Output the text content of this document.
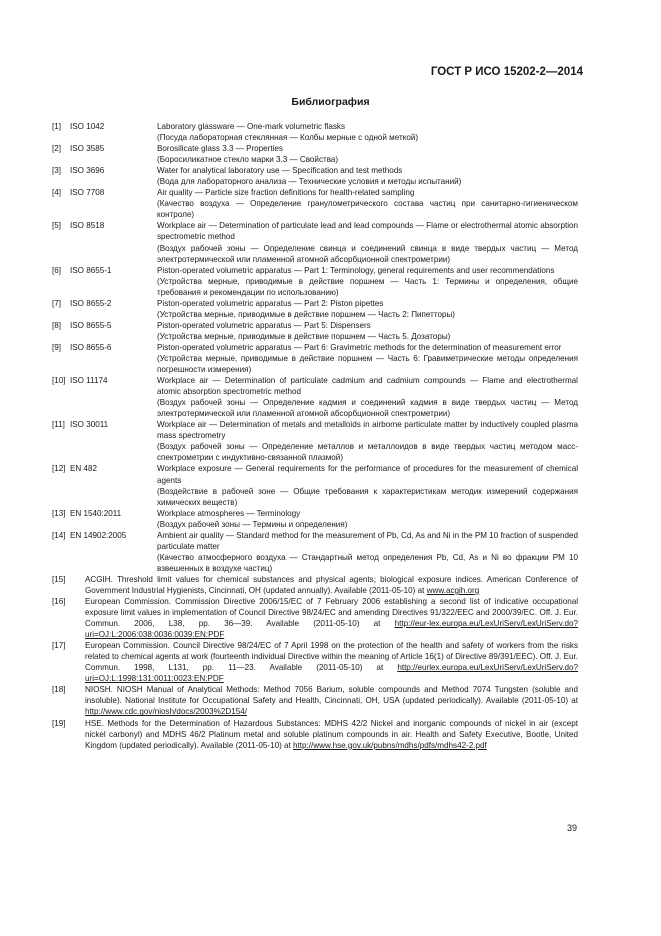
ГОСТ Р ИСО 15202-2—2014
Библиография
[1]	ISO 1042	Laboratory glassware — One-mark volumetric flasks
(Посуда лабораторная стеклянная — Колбы мерные с одной меткой)
[2]	ISO 3585	Borosilicate glass 3.3 — Properties
(Боросиликатное стекло марки 3.3 — Свойства)
[3]	ISO 3696	Water for analytical laboratory use — Specification and test methods
(Вода для лабораторного анализа — Технические условия и методы испытаний)
[4]	ISO 7708	Air quality — Particle size fraction definitions for health-related sampling
(Качество воздуха — Определение гранулометрического состава частиц при санитарно-гигиеническом контроле)
[5]	ISO 8518	Workplace air — Determination of particulate lead and lead compounds — Flame or electrothermal atomic absorption spectrometric method
(Воздух рабочей зоны — Определение свинца и соединений свинца в виде твердых частиц — Метод электротермической или пламенной атомной абсорбционной спектрометрии)
[6]	ISO 8655-1	Piston-operated volumetric apparatus — Part 1: Terminology, general requirements and user recommendations
(Устройства мерные, приводимые в действие поршнем — Часть 1: Термины и определения, общие требования и рекомендации по использованию)
[7]	ISO 8655-2	Piston-operated volumetric apparatus — Part 2: Piston pipettes
(Устройства мерные, приводимые в действие поршнем — Часть 2: Пипетторы)
[8]	ISO 8655-5	Piston-operated volumetric apparatus — Part 5: Dispensers
(Устройства мерные, приводимые в действие поршнем — Часть 5. Дозаторы)
[9]	ISO 8655-6	Piston-operated volumetric apparatus — Part 6: Gravimetric methods for the determination of measurement error
(Устройства мерные, приводимые в действие поршнем — Часть 6: Гравиметрические методы определения погрешности измерения)
[10] ISO 11174	Workplace air — Determination of particulate cadmium and cadmium compounds — Flame and electrothermal atomic absorption spectrometric method
(Воздух рабочей зоны — Определение кадмия и соединений кадмия в виде твердых частиц — Метод электротермической или пламенной атомной абсорбционной спектрометрии)
[11] ISO 30011	Workplace air — Determination of metals and metalloids in airborne particulate matter by inductively coupled plasma mass spectrometry
(Воздух рабочей зоны — Определение металлов и металлоидов в виде твердых частиц методом масс-спектрометрии с индуктивно-связанной плазмой)
[12] EN 482	Workplace exposure — General requirements for the performance of procedures for the measurement of chemical agents
(Воздействие в рабочей зоне — Общие требования к характеристикам методик измерений содержания химических веществ)
[13] EN 1540:2011	Workplace atmospheres — Terminology
(Воздух рабочей зоны — Термины и определения)
[14] EN 14902:2005	Ambient air quality — Standard method for the measurement of Pb, Cd, As and Ni in the PM 10 fraction of suspended particulate matter
(Качество атмосферного воздуха — Стандартный метод определения Pb, Cd, As и Ni во фракции PM 10 взвешенных в воздухе частиц)
[15]	ACGIH. Threshold limit values for chemical substances and physical agents; biological exposure indices. American Conference of Government Industrial Hygienists, Cincinnati, OH (updated annually). Available (2011-05-10) at www.acgih.org
[16]	European Commission. Commission Directive 2006/15/EC of 7 February 2006 establishing a second list of indicative occupational exposure limit values in implementation of Council Directive 98/24/EC and amending Directives 91/322/EEC and 2000/39/EC. Off. J. Eur. Commun. 2006, L38, pp. 36—39. Available (2011-05-10) at http://eur-lex.europa.eu/LexUriServ/LexUriServ.do?uri=OJ:L:2006:038:0036:0039:EN:PDF
[17]	European Commission. Council Directive 98/24/EC of 7 April 1998 on the protection of the health and safety of workers from the risks related to chemical agents at work (fourteenth individual Directive within the meaning of Article 16(1) of Directive 89/391/EEC). Off. J. Eur. Commun. 1998, L131, pp. 11—23. Available (2011-05-10) at http://eurlex.europa.eu/LexUriServ/LexUriServ.do?uri=OJ:L:1998:131:0011:0023:EN:PDF
[18]	NIOSH. NIOSH Manual of Analytical Methods: Method 7056 Barium, soluble compounds and Method 7074 Tungsten (soluble and insoluble). National Institute for Occupational Safety and Health, Cincinnati, OH, USA (updated periodically). Available (2011-05-10) at http://www.cdc.gov/niosh/docs/2003%2D154/
[19]	HSE. Methods for the Determination of Hazardous Substances: MDHS 42/2 Nickel and inorganic compounds of nickel in air (except nickel carbonyl) and MDHS 46/2 Platinum metal and soluble platinum compounds in air. Health and Safety Executive, Bootle, United Kingdom (updated periodically). Available (2011-05-10) at http://www.hse.gov.uk/pubns/mdhs/pdfs/mdhs42-2.pdf
39
